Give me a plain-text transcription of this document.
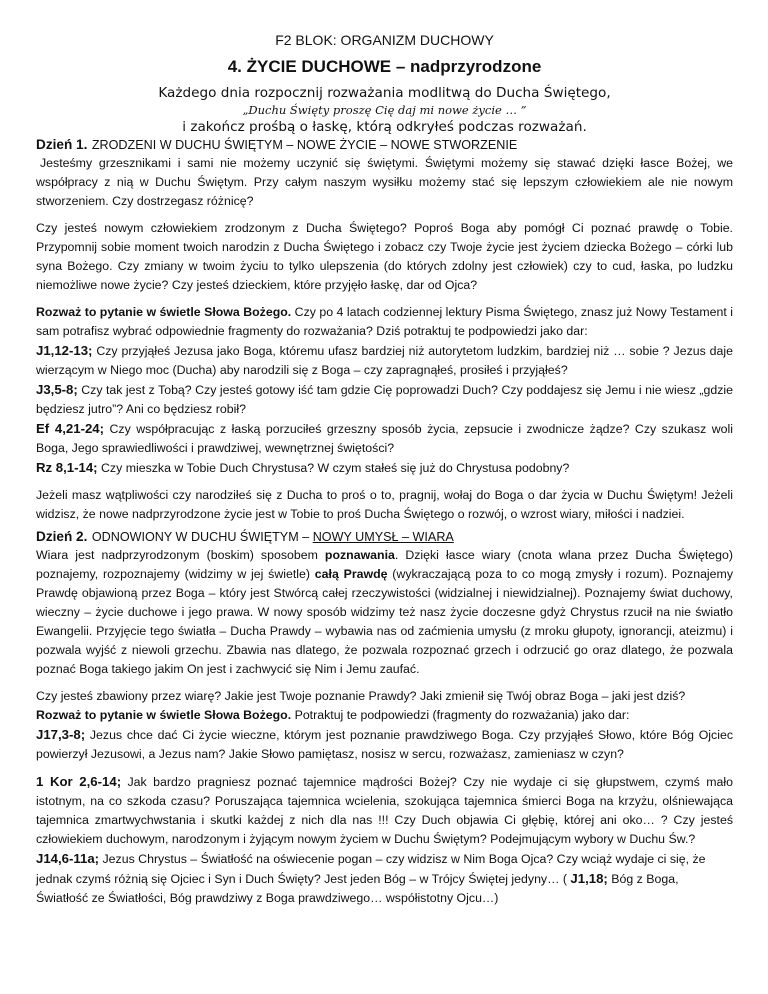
F2 BLOK: ORGANIZM DUCHOWY
4. ŻYCIE DUCHOWE – nadprzyrodzone
Każdego dnia rozpocznij rozważania modlitwą do Ducha Świętego,
„Duchu Święty proszę Cię daj mi nowe życie … ”
i zakończ prośbą o łaskę, którą odkryłeś podczas rozważań.
Dzień 1. ZRODZENI W DUCHU ŚWIĘTYM – NOWE ŻYCIE – NOWE STWORZENIE

Jesteśmy grzesznikami i sami nie możemy uczynić się świętymi. Świętymi możemy się stawać dzięki łasce Bożej, we współpracy z nią w Duchu Świętym. Przy całym naszym wysiłku możemy stać się lepszym człowiekiem ale nie nowym stworzeniem. Czy dostrzegasz różnicę?

Czy jesteś nowym człowiekiem zrodzonym z Ducha Świętego? Poproś Boga aby pomógł Ci poznać prawdę o Tobie. Przypomnij sobie moment twoich narodzin z Ducha Świętego i zobacz czy Twoje życie jest życiem dziecka Bożego – córki lub syna Bożego. Czy zmiany w twoim życiu to tylko ulepszenia (do których zdolny jest człowiek) czy to cud, łaska, po ludzku niemożliwe nowe życie? Czy jesteś dzieckiem, które przyjęło łaskę, dar od Ojca?

Rozważ to pytanie w świetle Słowa Bożego. Czy po 4 latach codziennej lektury Pisma Świętego, znasz już Nowy Testament i sam potrafisz wybrać odpowiednie fragmenty do rozważania? Dziś potraktuj te podpowiedzi jako dar:

J1,12-13; Czy przyjąłeś Jezusa jako Boga, któremu ufasz bardziej niż autorytetom ludzkim, bardziej niż … sobie ? Jezus daje wierzącym w Niego moc (Ducha) aby narodzili się z Boga – czy zapragnąłeś, prosiłeś i przyjąłeś?

J3,5-8; Czy tak jest z Tobą? Czy jesteś gotowy iść tam gdzie Cię poprowadzi Duch? Czy poddajesz się Jemu i nie wiesz „gdzie będziesz jutro”? Ani co będziesz robił?

Ef 4,21-24; Czy współpracując z łaską porzuciłeś grzeszny sposób życia, zepsucie i zwodnicze żądze? Czy szukasz woli Boga, Jego sprawiedliwości i prawdziwej, wewnętrznej świętości?

Rz 8,1-14; Czy mieszka w Tobie Duch Chrystusa? W czym stałeś się już do Chrystusa podobny?

Jeżeli masz wątpliwości czy narodziłeś się z Ducha to proś o to, pragnij, wołaj do Boga o dar życia w Duchu Świętym! Jeżeli widzisz, że nowe nadprzyrodzone życie jest w Tobie to proś Ducha Świętego o rozwój, o wzrost wiary, miłości i nadziei.

Dzień 2. ODNOWIONY W DUCHU ŚWIĘTYM – NOWY UMYSŁ – WIARA

Wiara jest nadprzyrodzonym (boskim) sposobem poznawania. Dzięki łasce wiary (cnota wlana przez Ducha Świętego) poznajemy, rozpoznajemy (widzimy w jej świetle) całą Prawdę (wykraczającą poza to co mogą zmysły i rozum). Poznajemy Prawdę objawioną przez Boga – który jest Stwórcą całej rzeczywistości (widzialnej i niewidzialnej). Poznajemy świat duchowy, wieczny – życie duchowe i jego prawa. W nowy sposób widzimy też nasz życie doczesne gdyż Chrystus rzucił na nie światło Ewangelii. Przyjęcie tego światła – Ducha Prawdy – wybawia nas od zaćmienia umysłu (z mroku głupoty, ignorancji, ateizmu) i pozwala wyjść z niewoli grzechu. Zbawia nas dlatego, że pozwala rozpoznać grzech i odrzucić go oraz dlatego, że pozwala poznać Boga takiego jakim On jest i zachwycić się Nim i Jemu zaufać.

Czy jesteś zbawiony przez wiarę? Jakie jest Twoje poznanie Prawdy? Jaki zmienił się Twój obraz Boga – jaki jest dziś?

Rozważ to pytanie w świetle Słowa Bożego. Potraktuj te podpowiedzi (fragmenty do rozważania) jako dar:

J17,3-8; Jezus chce dać Ci życie wieczne, którym jest poznanie prawdziwego Boga. Czy przyjąłeś Słowo, które Bóg Ojciec powierzył Jezusowi, a Jezus nam? Jakie Słowo pamiętasz, nosisz w sercu, rozważasz, zamieniasz w czyn?

1 Kor 2,6-14; Jak bardzo pragniesz poznać tajemnice mądrości Bożej? Czy nie wydaje ci się głupstwem, czymś mało istotnym, na co szkoda czasu? Poruszająca tajemnica wcielenia, szokująca tajemnica śmierci Boga na krzyżu, olśniewająca tajemnica zmartwychwstania i skutki każdej z nich dla nas !!! Czy Duch objawia Ci głębię, której ani oko… ? Czy jesteś człowiekiem duchowym, narodzonym i żyjącym nowym życiem w Duchu Świętym? Podejmującym wybory w Duchu Św.?

J14,6-11a; Jezus Chrystus – Światłość na oświecenie pogan – czy widzisz w Nim Boga Ojca? Czy wciąż wydaje ci się, że jednak czymś różnią się Ojciec i Syn i Duch Święty? Jest jeden Bóg – w Trójcy Świętej jedyny… ( J1,18; Bóg z Boga, Światłość ze Światłości, Bóg prawdziwy z Boga prawdziwego… współistotny Ojcu…)
